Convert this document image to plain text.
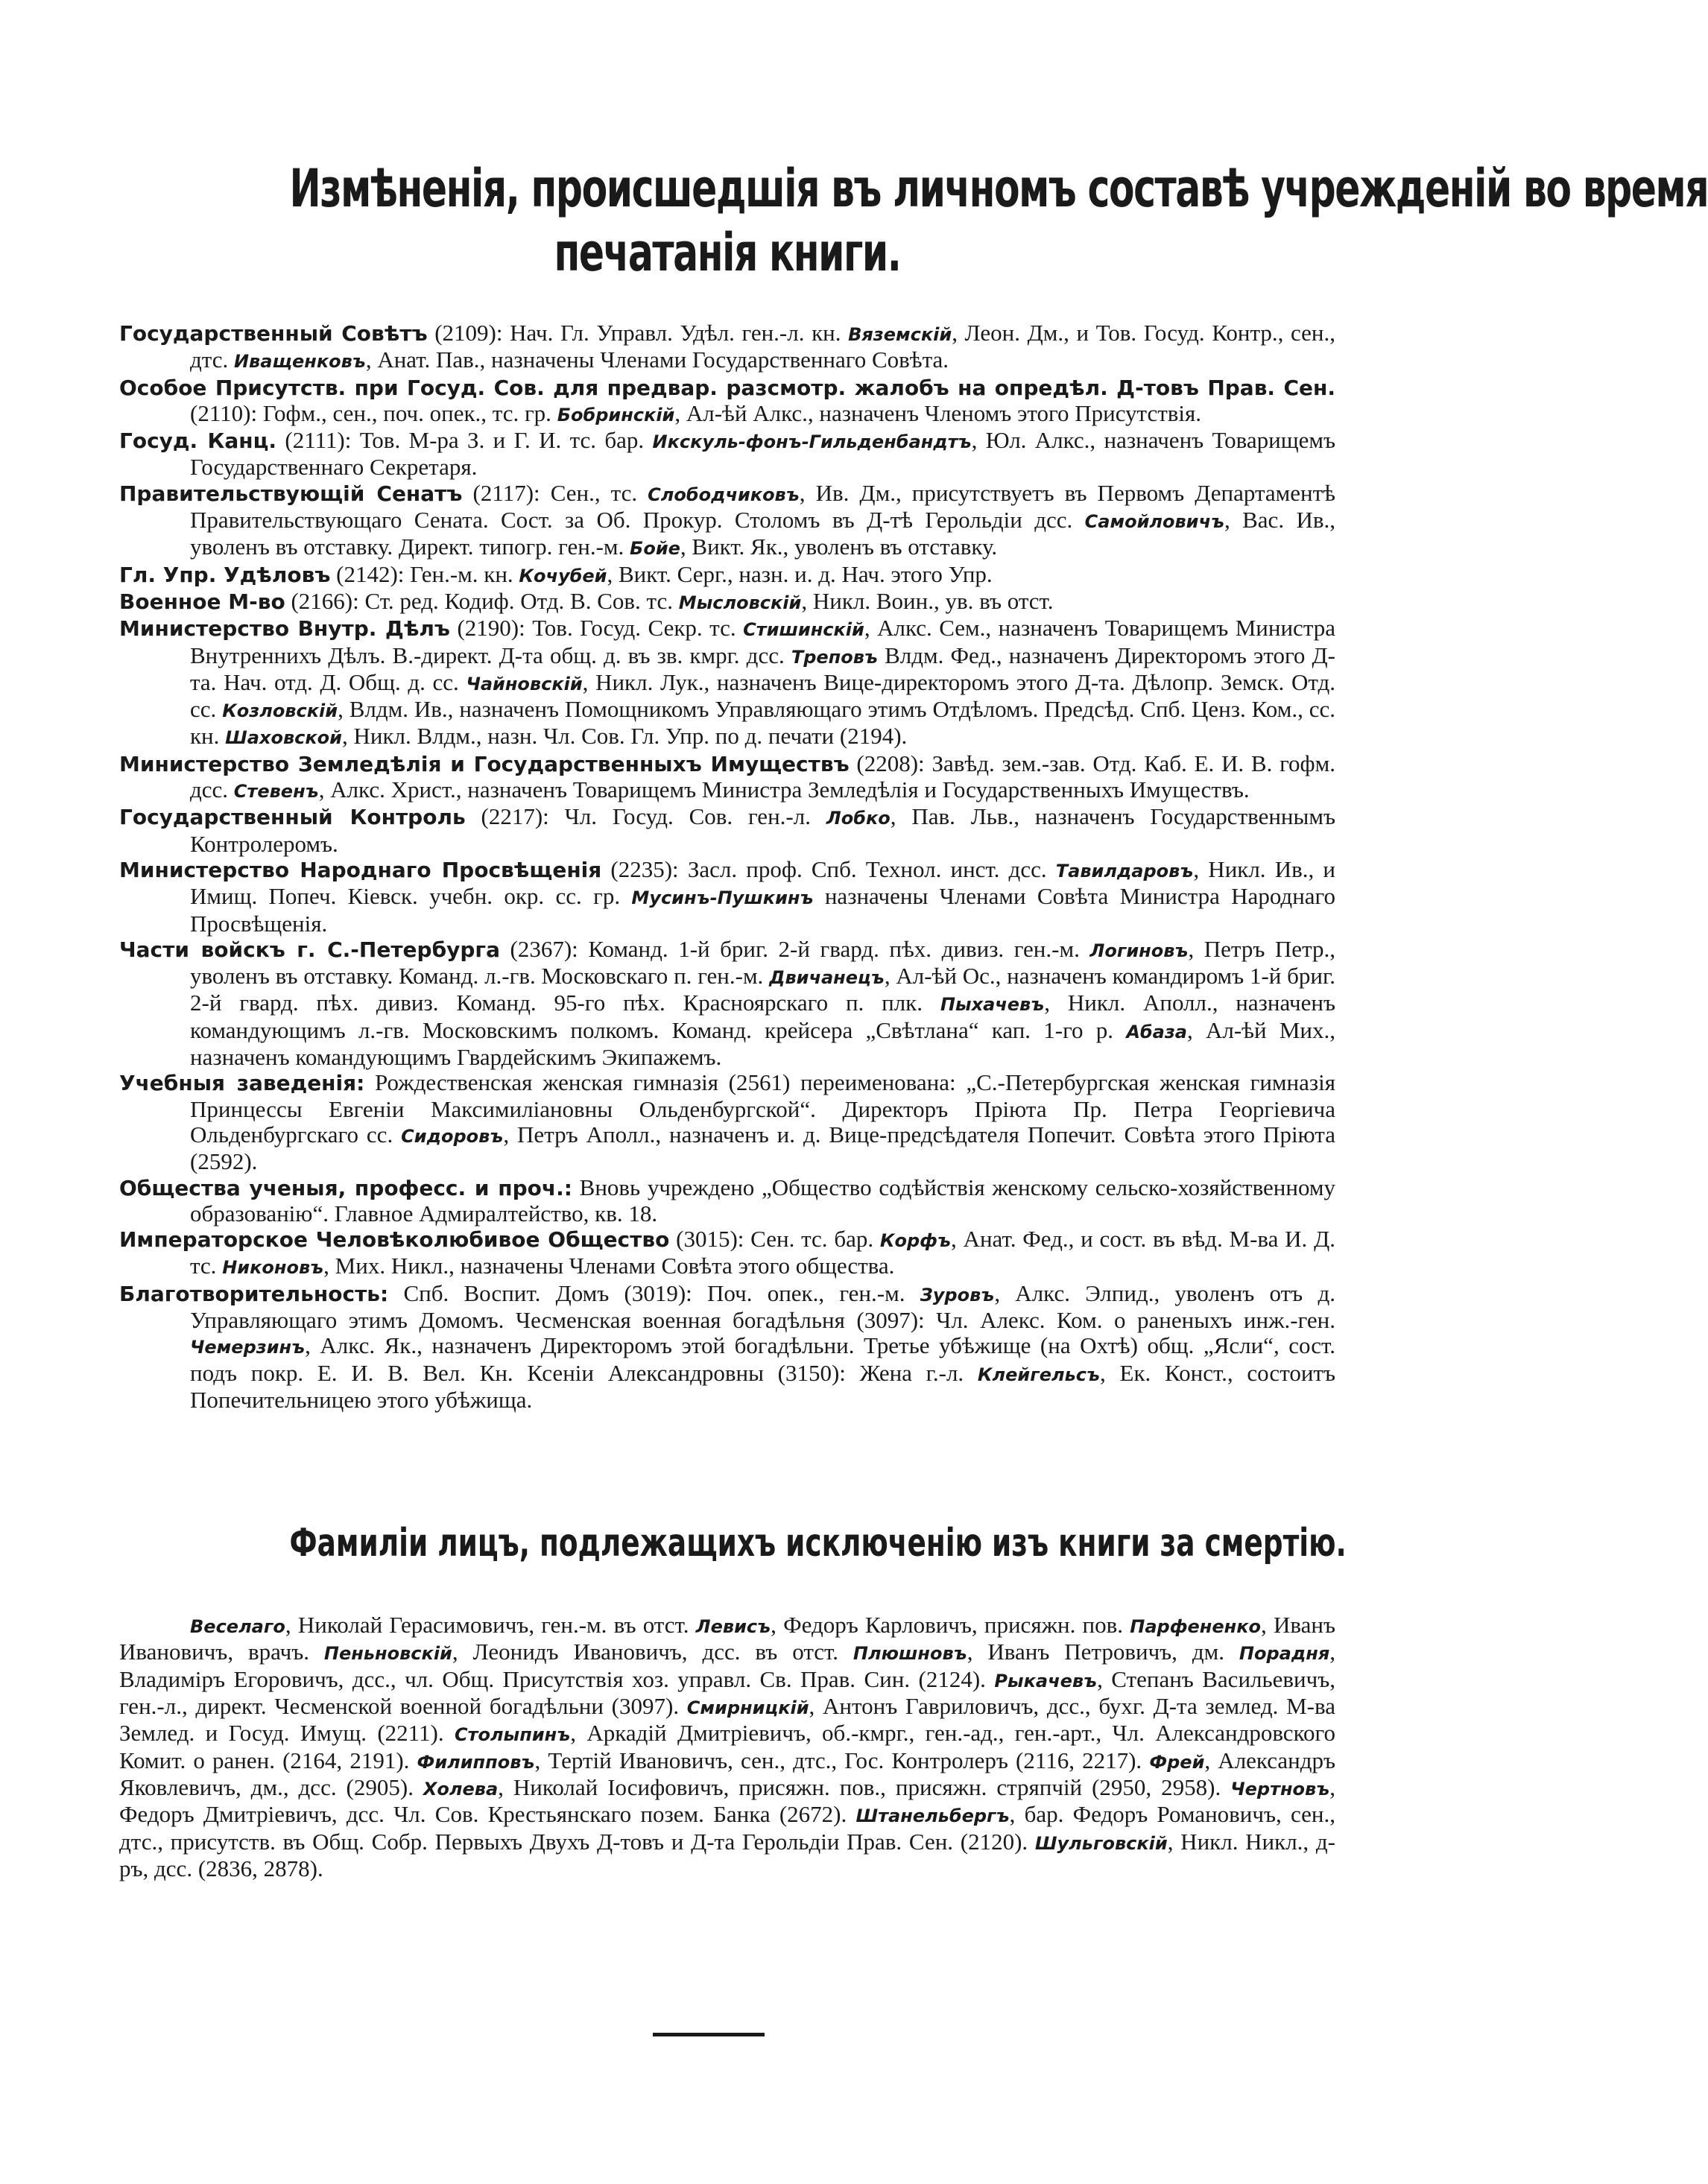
Измѣненія, происшедшія въ личномъ составѣ учрежденій во время
печатанія книги.

Государственный Совѣтъ (2109): Нач. Гл. Управл. Удѣл. ген.-л. кн. Вяземскій, Леон. Дм., и Тов. Госуд. Контр., сен., дтс. Иващенковъ, Анат. Пав., назначены Членами Государственнаго Совѣта.

Особое Присутств. при Госуд. Сов. для предвар. разсмотр. жалобъ на опредѣл. Д-товъ Прав. Сен. (2110): Гофм., сен., поч. опек., тс. гр. Бобринскій, Ал-ѣй Алкс., назначенъ Членомъ этого Присутствія.

Госуд. Канц. (2111): Тов. М-ра З. и Г. И. тс. бар. Икскуль-фонъ-Гильденбандтъ, Юл. Алкс., назначенъ Товарищемъ Государственнаго Секретаря.

Правительствующій Сенатъ (2117): Сен., тс. Слободчиковъ, Ив. Дм., присутствуетъ въ Первомъ Департаментѣ Правительствующаго Сената. Сост. за Об. Прокур. Столомъ въ Д-тѣ Герольдіи дсс. Самойловичъ, Вас. Ив., уволенъ въ отставку. Директ. типогр. ген.-м. Бойе, Викт. Як., уволенъ въ отставку.

Гл. Упр. Удѣловъ (2142): Ген.-м. кн. Кочубей, Викт. Серг., назн. и. д. Нач. этого Упр.

Военное М-во (2166): Ст. ред. Кодиф. Отд. В. Сов. тс. Мысловскій, Никл. Воин., ув. въ отст.

Министерство Внутр. Дѣлъ (2190): Тов. Госуд. Секр. тс. Стишинскій, Алкс. Сем., назначенъ Товарищемъ Министра Внутреннихъ Дѣлъ. В.-директ. Д-та общ. д. въ зв. кмрг. дсс. Треповъ Влдм. Фед., назначенъ Директоромъ этого Д-та. Нач. отд. Д. Общ. д. сс. Чайновскій, Никл. Лук., назначенъ Вице-директоромъ этого Д-та. Дѣлопр. Земск. Отд. сс. Козловскій, Влдм. Ив., назначенъ Помощникомъ Управляющаго этимъ Отдѣломъ. Предсѣд. Спб. Ценз. Ком., сс. кн. Шаховской, Никл. Влдм., назн. Чл. Сов. Гл. Упр. по д. печати (2194).

Министерство Земледѣлія и Государственныхъ Имуществъ (2208): Завѣд. зем.-зав. Отд. Каб. Е. И. В. гофм. дсс. Стевенъ, Алкс. Христ., назначенъ Товарищемъ Министра Земледѣлія и Государственныхъ Имуществъ.

Государственный Контроль (2217): Чл. Госуд. Сов. ген.-л. Лобко, Пав. Льв., назначенъ Государственнымъ Контролеромъ.

Министерство Народнаго Просвѣщенія (2235): Засл. проф. Спб. Технол. инст. дсс. Тавилдаровъ, Никл. Ив., и Имищ. Попеч. Кіевск. учебн. окр. сс. гр. Мусинъ-Пушкинъ назначены Членами Совѣта Министра Народнаго Просвѣщенія.

Части войскъ г. С.-Петербурга (2367): Команд. 1-й бриг. 2-й гвард. пѣх. дивиз. ген.-м. Логиновъ, Петръ Петр., уволенъ въ отставку. Команд. л.-гв. Московскаго п. ген.-м. Двичанецъ, Ал-ѣй Ос., назначенъ командиромъ 1-й бриг. 2-й гвард. пѣх. дивиз. Команд. 95-го пѣх. Красноярскаго п. плк. Пыхачевъ, Никл. Аполл., назначенъ командующимъ л.-гв. Московскимъ полкомъ. Команд. крейсера „Свѣтлана“ кап. 1-го р. Абаза, Ал-ѣй Мих., назначенъ командующимъ Гвардейскимъ Экипажемъ.

Учебныя заведенія: Рождественская женская гимназія (2561) переименована: „С.-Петербургская женская гимназія Принцессы Евгеніи Максимиліановны Ольденбургской“. Директоръ Пріюта Пр. Петра Георгіевича Ольденбургскаго сс. Сидоровъ, Петръ Аполл., назначенъ и. д. Вице-предсѣдателя Попечит. Совѣта этого Пріюта (2592).

Общества ученыя, професс. и проч.: Вновь учреждено „Общество содѣйствія женскому сельско-хозяйственному образованію“. Главное Адмиралтейство, кв. 18.

Императорское Человѣколюбивое Общество (3015): Сен. тс. бар. Корфъ, Анат. Фед., и сост. въ вѣд. М-ва И. Д. тс. Никоновъ, Мих. Никл., назначены Членами Совѣта этого общества.

Благотворительность: Спб. Воспит. Домъ (3019): Поч. опек., ген.-м. Зуровъ, Алкс. Элпид., уволенъ отъ д. Управляющаго этимъ Домомъ. Чесменская военная богадѣльня (3097): Чл. Алекс. Ком. о раненыхъ инж.-ген. Чемерзинъ, Алкс. Як., назначенъ Директоромъ этой богадѣльни. Третье убѣжище (на Охтѣ) общ. „Ясли“, сост. подъ покр. Е. И. В. Вел. Кн. Ксеніи Александровны (3150): Жена г.-л. Клейгельсъ, Ек. Конст., состоитъ Попечительницею этого убѣжища.

Фамиліи лицъ, подлежащихъ исключенію изъ книги за смертію.

Веселаго, Николай Герасимовичъ, ген.-м. въ отст. Левисъ, Федоръ Карловичъ, присяжн. пов. Парфененко, Иванъ Ивановичъ, врачъ. Пеньновскій, Леонидъ Ивановичъ, дсс. въ отст. Плюшновъ, Иванъ Петровичъ, дм. Порадня, Владиміръ Егоровичъ, дсс., чл. Общ. Присутствія хоз. управл. Св. Прав. Син. (2124). Рыкачевъ, Степанъ Васильевичъ, ген.-л., директ. Чесменской военной богадѣльни (3097). Смирницкій, Антонъ Гавриловичъ, дсс., бухг. Д-та землед. М-ва Землед. и Госуд. Имущ. (2211). Столыпинъ, Аркадій Дмитріевичъ, об.-кмрг., ген.-ад., ген.-арт., Чл. Александровского Комит. о ранен. (2164, 2191). Филипповъ, Тертій Ивановичъ, сен., дтс., Гос. Контролеръ (2116, 2217). Фрей, Александръ Яковлевичъ, дм., дсс. (2905). Холева, Николай Іосифовичъ, присяжн. пов., присяжн. стряпчій (2950, 2958). Чертновъ, Федоръ Дмитріевичъ, дсс. Чл. Сов. Крестьянскаго позем. Банка (2672). Штанельбергъ, бар. Федоръ Романовичъ, сен., дтс., присутств. въ Общ. Собр. Первыхъ Двухъ Д-товъ и Д-та Герольдіи Прав. Сен. (2120). Шульговскій, Никл. Никл., д-ръ, дсс. (2836, 2878).
